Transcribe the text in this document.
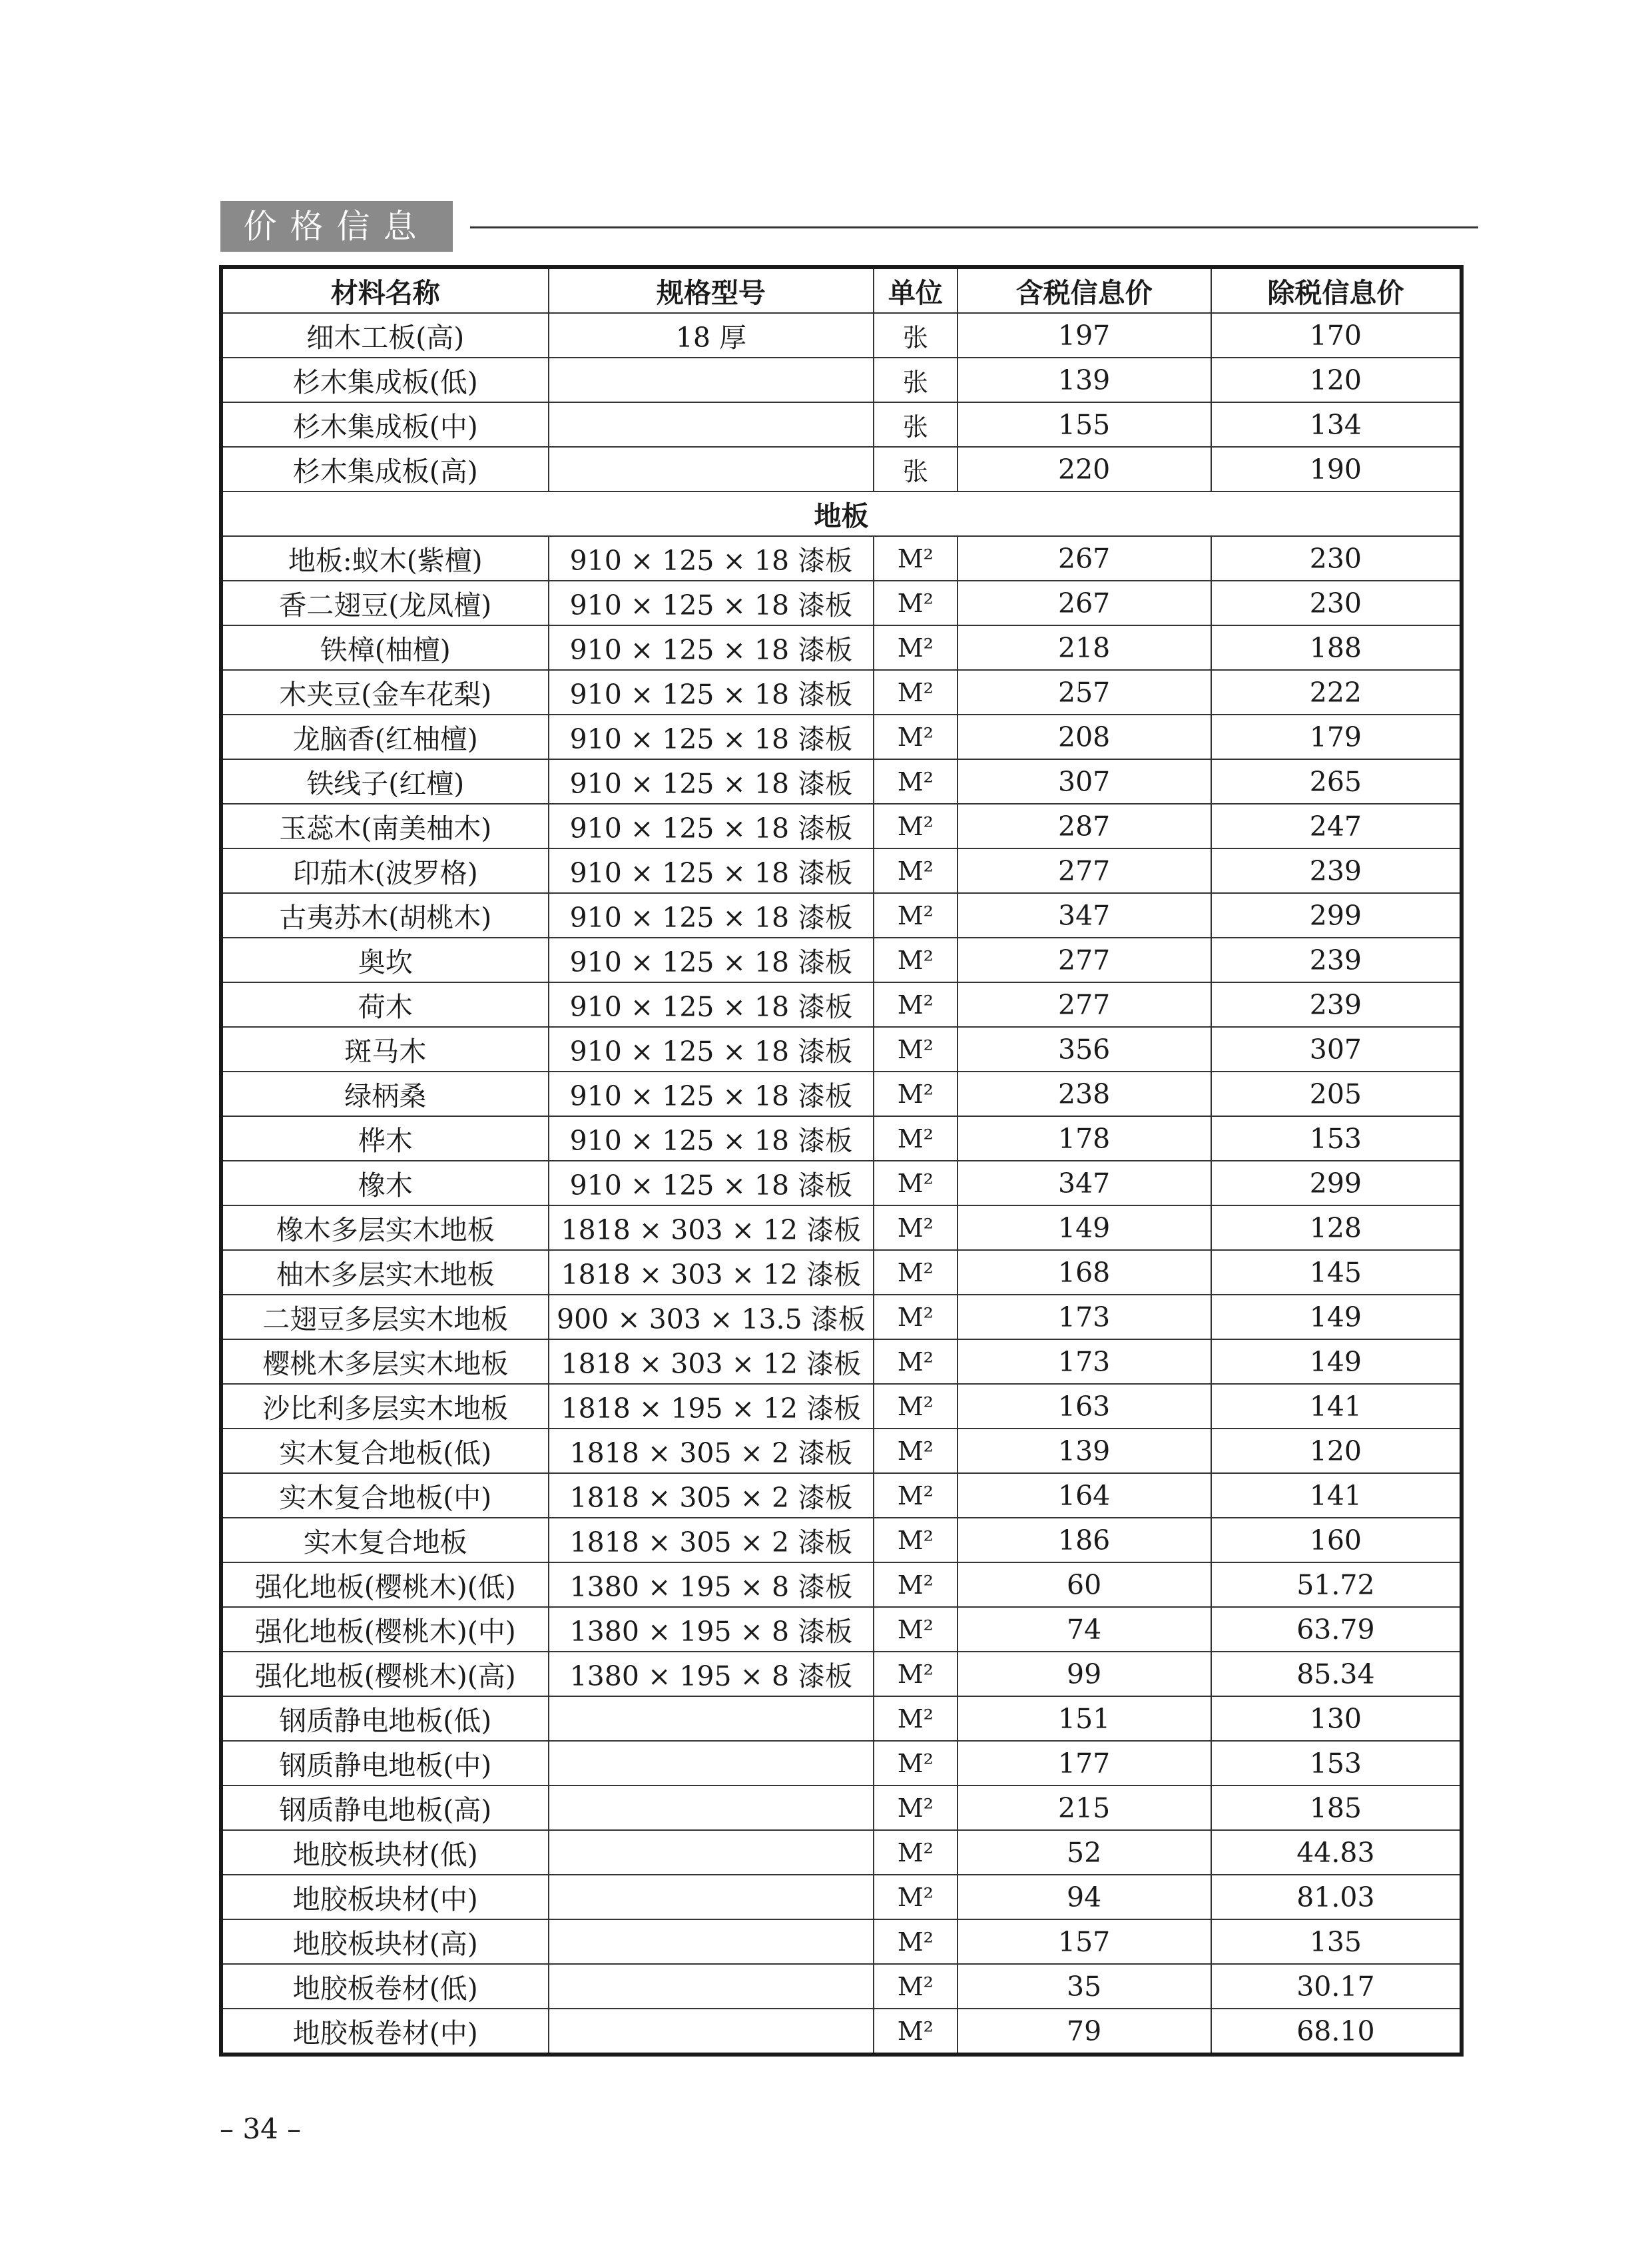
价格信息
材料名称	规格型号	单位	含税信息价	除税信息价
细木工板(高)	18 厚	张	197	170
杉木集成板(低)		张	139	120
杉木集成板(中)		张	155	134
杉木集成板(高)		张	220	190
地板				
地板:蚁木(紫檀)	910 × 125 × 18 漆板	M²	267	230
香二翅豆(龙凤檀)	910 × 125 × 18 漆板	M²	267	230
铁樟(柚檀)	910 × 125 × 18 漆板	M²	218	188
木夹豆(金车花梨)	910 × 125 × 18 漆板	M²	257	222
龙脑香(红柚檀)	910 × 125 × 18 漆板	M²	208	179
铁线子(红檀)	910 × 125 × 18 漆板	M²	307	265
玉蕊木(南美柚木)	910 × 125 × 18 漆板	M²	287	247
印茄木(波罗格)	910 × 125 × 18 漆板	M²	277	239
古夷苏木(胡桃木)	910 × 125 × 18 漆板	M²	347	299
奥坎	910 × 125 × 18 漆板	M²	277	239
荷木	910 × 125 × 18 漆板	M²	277	239
斑马木	910 × 125 × 18 漆板	M²	356	307
绿柄桑	910 × 125 × 18 漆板	M²	238	205
桦木	910 × 125 × 18 漆板	M²	178	153
橡木	910 × 125 × 18 漆板	M²	347	299
橡木多层实木地板	1818 × 303 × 12 漆板	M²	149	128
柚木多层实木地板	1818 × 303 × 12 漆板	M²	168	145
二翅豆多层实木地板	900 × 303 × 13.5 漆板	M²	173	149
樱桃木多层实木地板	1818 × 303 × 12 漆板	M²	173	149
沙比利多层实木地板	1818 × 195 × 12 漆板	M²	163	141
实木复合地板(低)	1818 × 305 × 2 漆板	M²	139	120
实木复合地板(中)	1818 × 305 × 2 漆板	M²	164	141
实木复合地板	1818 × 305 × 2 漆板	M²	186	160
强化地板(樱桃木)(低)	1380 × 195 × 8 漆板	M²	60	51.72
强化地板(樱桃木)(中)	1380 × 195 × 8 漆板	M²	74	63.79
强化地板(樱桃木)(高)	1380 × 195 × 8 漆板	M²	99	85.34
钢质静电地板(低)		M²	151	130
钢质静电地板(中)		M²	177	153
钢质静电地板(高)		M²	215	185
地胶板块材(低)		M²	52	44.83
地胶板块材(中)		M²	94	81.03
地胶板块材(高)		M²	157	135
地胶板卷材(低)		M²	35	30.17
地胶板卷材(中)		M²	79	68.10
– 34 –
